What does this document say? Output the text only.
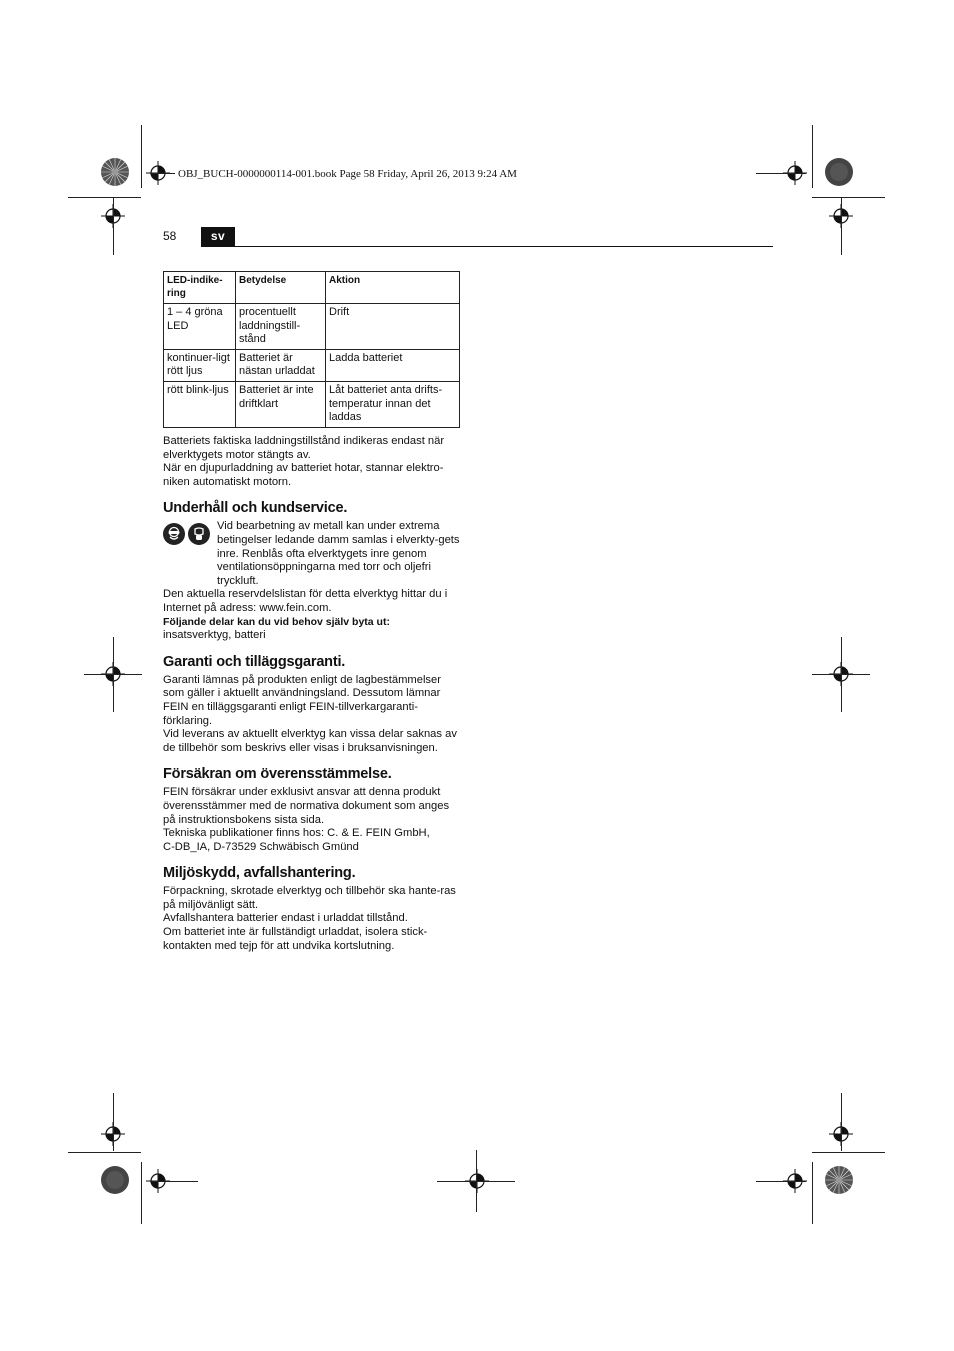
OBJ_BUCH-0000000114-001.book Page 58 Friday, April 26, 2013 9:24 AM
58	sv
LED-indike-ring	Betydelse	Aktion
1 – 4 gröna LED	procentuellt laddningstill-stånd	Drift
kontinuer-ligt rött ljus	Batteriet är nästan urladdat	Ladda batteriet
rött blink-ljus	Batteriet är inte driftklart	Låt batteriet anta drifts-temperatur innan det laddas

Batteriets faktiska laddningstillstånd indikeras endast när elverktygets motor stängts av.

När en djupurladdning av batteriet hotar, stannar elektro-niken automatiskt motorn.

Underhåll och kundservice.

Vid bearbetning av metall kan under extrema betingelser ledande damm samlas i elverkty-gets inre. Renblås ofta elverktygets inre genom ventilationsöppningarna med torr och oljefri tryckluft.

Den aktuella reservdelslistan för detta elverktyg hittar du i Internet på adress: www.fein.com.

Följande delar kan du vid behov själv byta ut:

insatsverktyg, batteri

Garanti och tilläggsgaranti.

Garanti lämnas på produkten enligt de lagbestämmelser som gäller i aktuellt användningsland. Dessutom lämnar FEIN en tilläggsgaranti enligt FEIN-tillverkargaranti-förklaring.

Vid leverans av aktuellt elverktyg kan vissa delar saknas av de tillbehör som beskrivs eller visas i bruksanvisningen.

Försäkran om överensstämmelse.

FEIN försäkrar under exklusivt ansvar att denna produkt överensstämmer med de normativa dokument som anges på instruktionsbokens sista sida.

Tekniska publikationer finns hos: C. & E. FEIN GmbH,

C-DB_IA, D-73529 Schwäbisch Gmünd

Miljöskydd, avfallshantering.

Förpackning, skrotade elverktyg och tillbehör ska hante-ras på miljövänligt sätt.

Avfallshantera batterier endast i urladdat tillstånd.

Om batteriet inte är fullständigt urladdat, isolera stick-kontakten med tejp för att undvika kortslutning.
